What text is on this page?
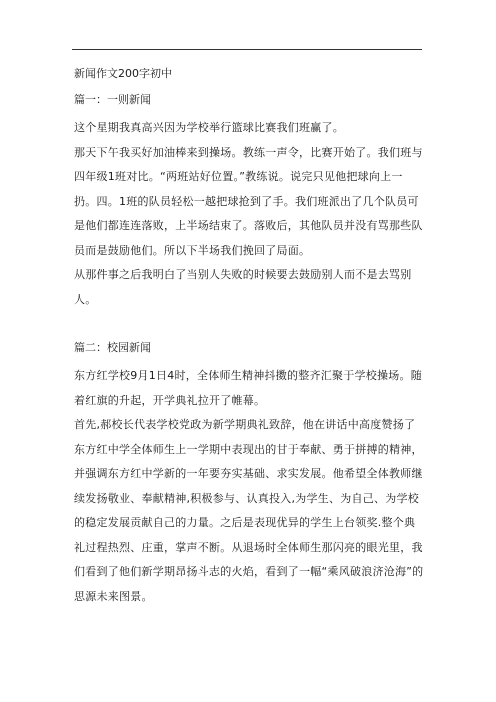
新闻作文200字初中

篇一：一则新闻

这个星期我真高兴因为学校举行篮球比赛我们班赢了。

那天下午我买好加油棒来到操场。教练一声令，比赛开始了。我们班与四年级1班对比。“两班站好位置。”教练说。说完只见他把球向上一扔。四。1班的队员轻松一越把球抢到了手。我们班派出了几个队员可是他们都连连落败，上半场结束了。落败后，其他队员并没有骂那些队员而是鼓励他们。所以下半场我们挽回了局面。

从那件事之后我明白了当别人失败的时候要去鼓励别人而不是去骂别人。

篇二：校园新闻

东方红学校9月1日4时，全体师生精神抖擞的整齐汇聚于学校操场。随着红旗的升起，开学典礼拉开了帷幕。

首先,郝校长代表学校党政为新学期典礼致辞，他在讲话中高度赞扬了东方红中学全体师生上一学期中表现出的甘于奉献、勇于拼搏的精神，并强调东方红中学新的一年要夯实基础、求实发展。他希望全体教师继续发扬敬业、奉献精神,积极参与、认真投入,为学生、为自己、为学校的稳定发展贡献自己的力量。之后是表现优异的学生上台领奖.整个典礼过程热烈、庄重，掌声不断。从退场时全体师生那闪亮的眼光里，我们看到了他们新学期昂扬斗志的火焰，看到了一幅“乘风破浪济沧海”的思源未来图景。
